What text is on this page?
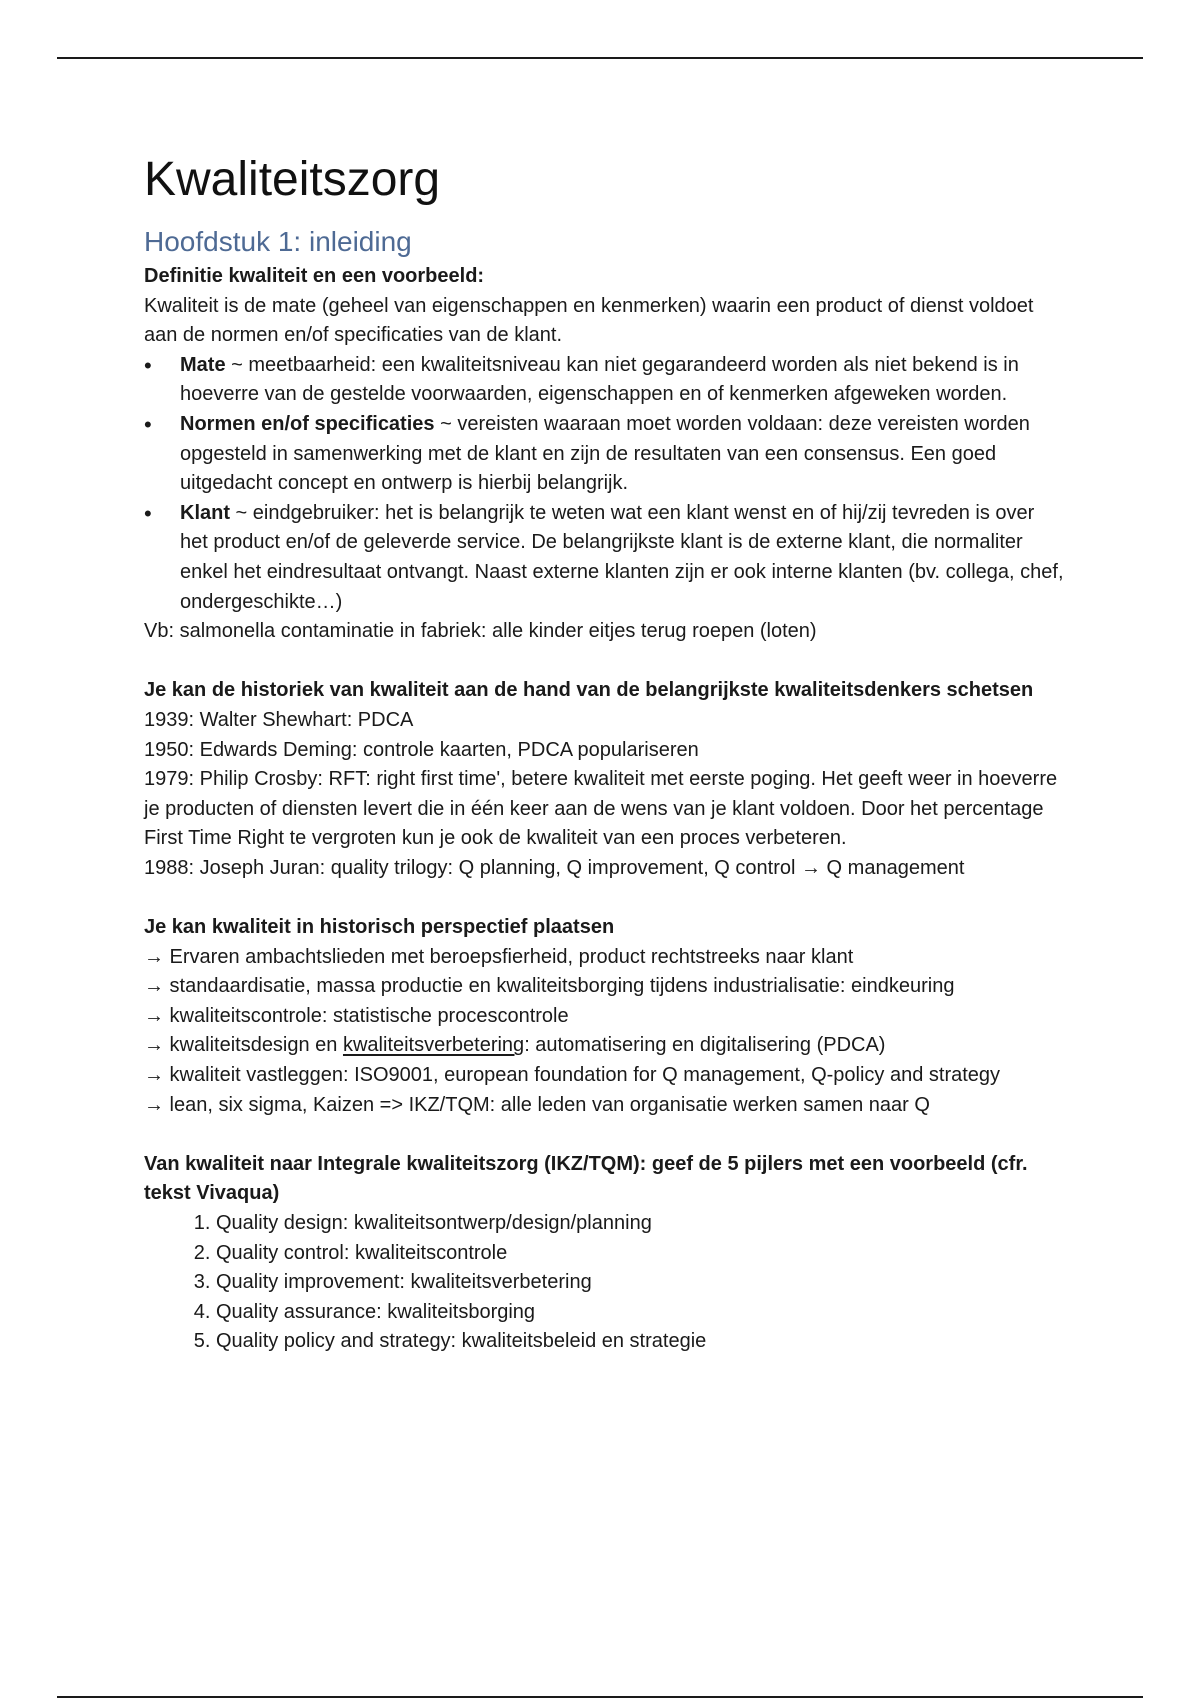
Kwaliteitszorg
Hoofdstuk 1: inleiding

Definitie kwaliteit en een voorbeeld:

Kwaliteit is de mate (geheel van eigenschappen en kenmerken) waarin een product of dienst voldoet aan de normen en/of specificaties van de klant.

• Mate ~ meetbaarheid: een kwaliteitsniveau kan niet gegarandeerd worden als niet bekend is in hoeverre van de gestelde voorwaarden, eigenschappen en of kenmerken afgeweken worden.
• Normen en/of specificaties ~ vereisten waaraan moet worden voldaan: deze vereisten worden opgesteld in samenwerking met de klant en zijn de resultaten van een consensus. Een goed uitgedacht concept en ontwerp is hierbij belangrijk.
• Klant ~ eindgebruiker: het is belangrijk te weten wat een klant wenst en of hij/zij tevreden is over het product en/of de geleverde service. De belangrijkste klant is de externe klant, die normaliter enkel het eindresultaat ontvangt. Naast externe klanten zijn er ook interne klanten (bv. collega, chef, ondergeschikte…)

Vb: salmonella contaminatie in fabriek: alle kinder eitjes terug roepen (loten)

Je kan de historiek van kwaliteit aan de hand van de belangrijkste kwaliteitsdenkers schetsen

1939: Walter Shewhart: PDCA

1950: Edwards Deming: controle kaarten, PDCA populariseren

1979: Philip Crosby: RFT: right first time', betere kwaliteit met eerste poging. Het geeft weer in hoeverre je producten of diensten levert die in één keer aan de wens van je klant voldoen. Door het percentage First Time Right te vergroten kun je ook de kwaliteit van een proces verbeteren.

1988: Joseph Juran: quality trilogy: Q planning, Q improvement, Q control → Q management

Je kan kwaliteit in historisch perspectief plaatsen

→ Ervaren ambachtslieden met beroepsfierheid, product rechtstreeks naar klant

→ standaardisatie, massa productie en kwaliteitsborging tijdens industrialisatie: eindkeuring

→ kwaliteitscontrole: statistische procescontrole

→ kwaliteitsdesign en kwaliteitsverbetering: automatisering en digitalisering (PDCA)

→ kwaliteit vastleggen: ISO9001, european foundation for Q management, Q-policy and strategy

→ lean, six sigma, Kaizen => IKZ/TQM: alle leden van organisatie werken samen naar Q

Van kwaliteit naar Integrale kwaliteitszorg (IKZ/TQM): geef de 5 pijlers met een voorbeeld (cfr. tekst Vivaqua)

1. Quality design: kwaliteitsontwerp/design/planning
2. Quality control: kwaliteitscontrole
3. Quality improvement: kwaliteitsverbetering
4. Quality assurance: kwaliteitsborging
5. Quality policy and strategy: kwaliteitsbeleid en strategie
